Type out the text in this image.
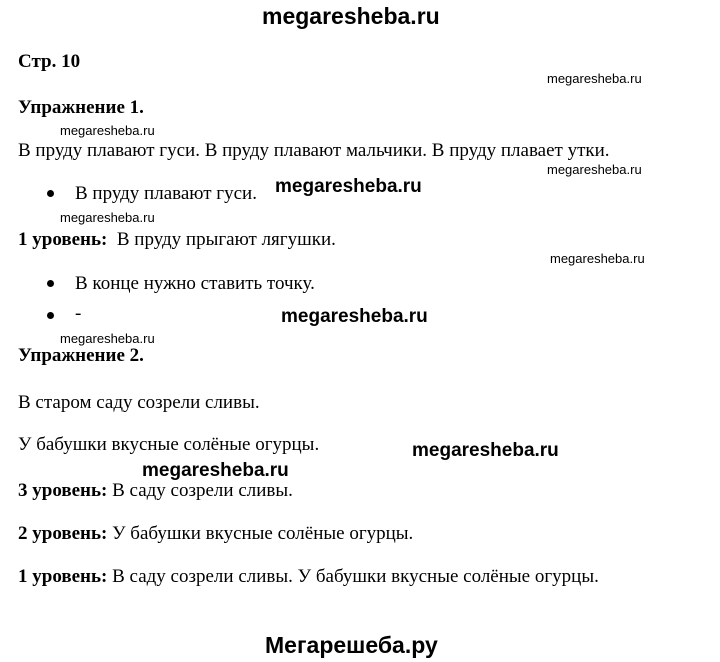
megaresheba.ru
Стр. 10
megaresheba.ru
Упражнение 1.
megaresheba.ru
В пруду плавают гуси. В пруду плавают мальчики. В пруду плавает утки.
megaresheba.ru
В пруду плавают гуси. megaresheba.ru
megaresheba.ru
1 уровень: В пруду прыгают лягушки.
megaresheba.ru
В конце нужно ставить точку.
-	megaresheba.ru
megaresheba.ru
Упражнение 2.
В старом саду созрели сливы.
У бабушки вкусные солёные огурцы.	megaresheba.ru
megaresheba.ru
3 уровень: В саду созрели сливы.
2 уровень: У бабушки вкусные солёные огурцы.
1 уровень: В саду созрели сливы. У бабушки вкусные солёные огурцы.
Мегарешеба.ру
